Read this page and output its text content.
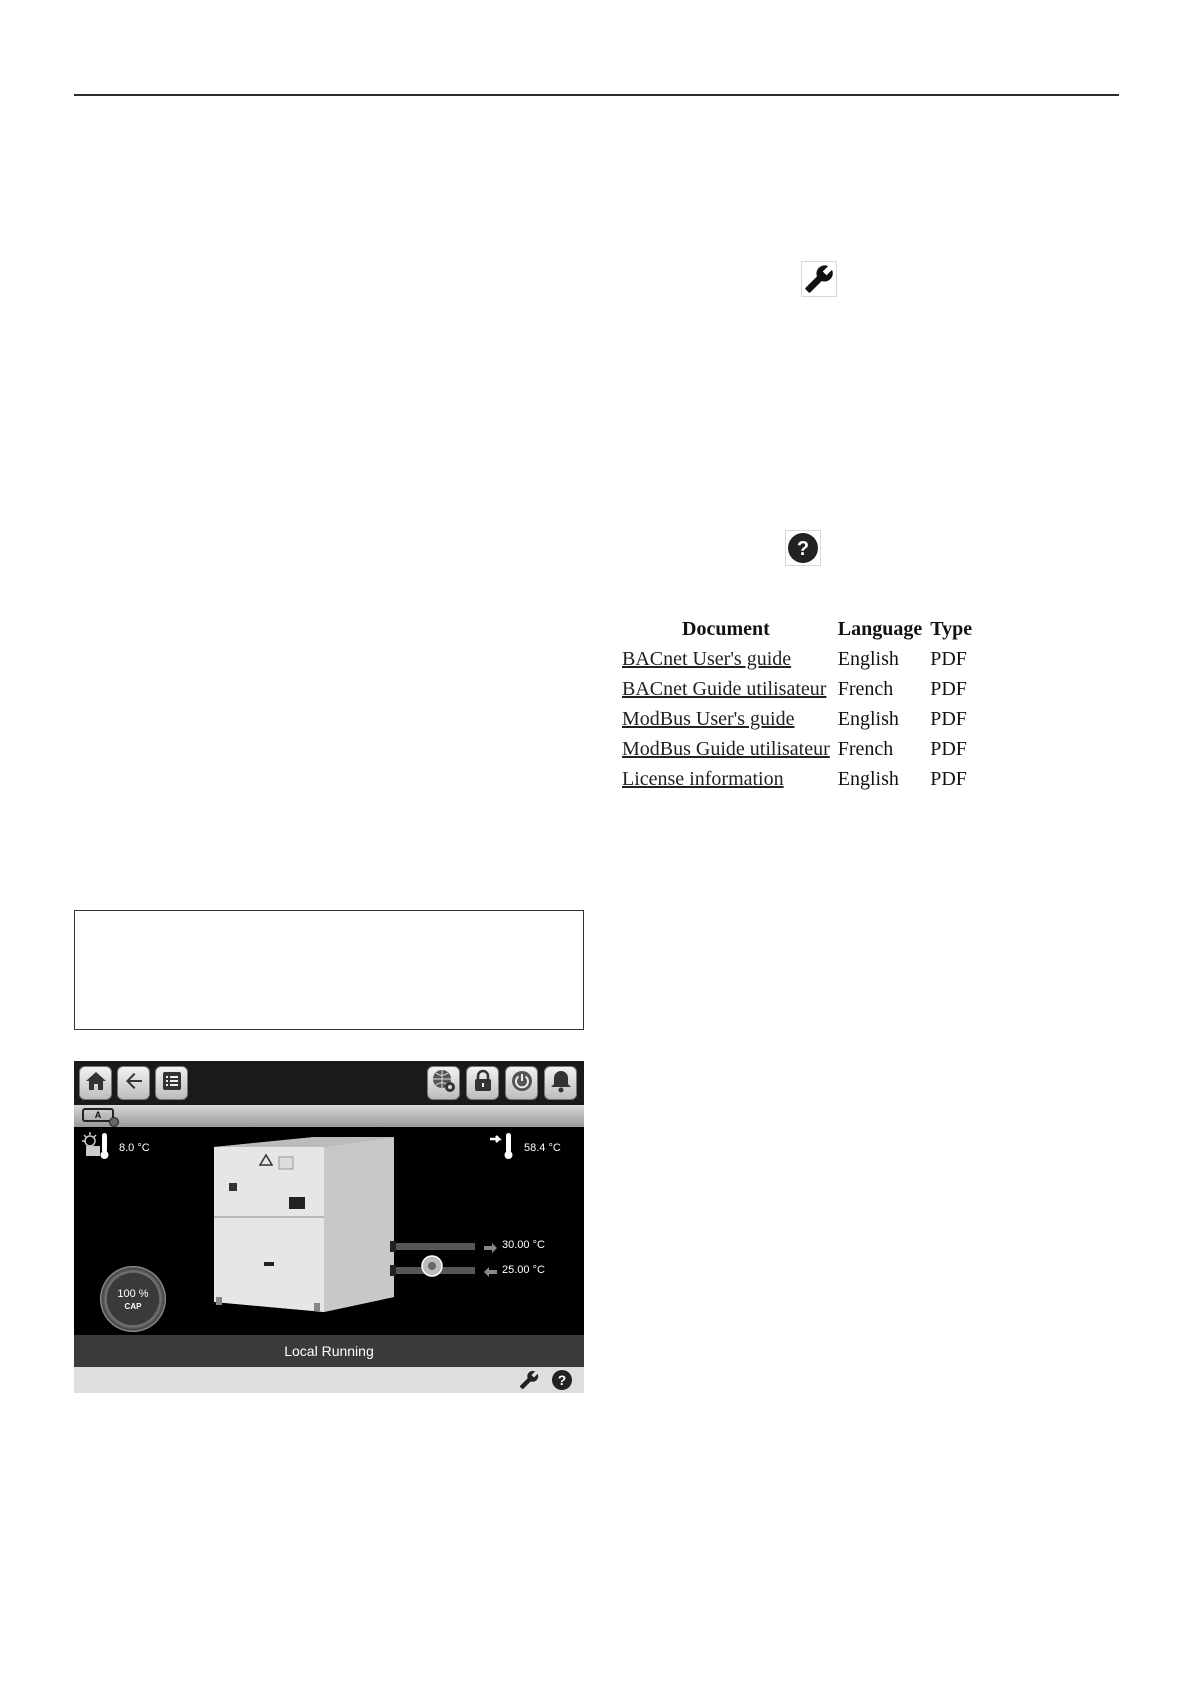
?
Document	Language	Type
BACnet User's guide	English	PDF
BACnet Guide utilisateur	French	PDF
ModBus User's guide	English	PDF
ModBus Guide utilisateur	French	PDF
License information	English	PDF
A
8.0 °C	58.4 °C
30.00 °C
25.00 °C
100 %
CAP
Local Running
?
